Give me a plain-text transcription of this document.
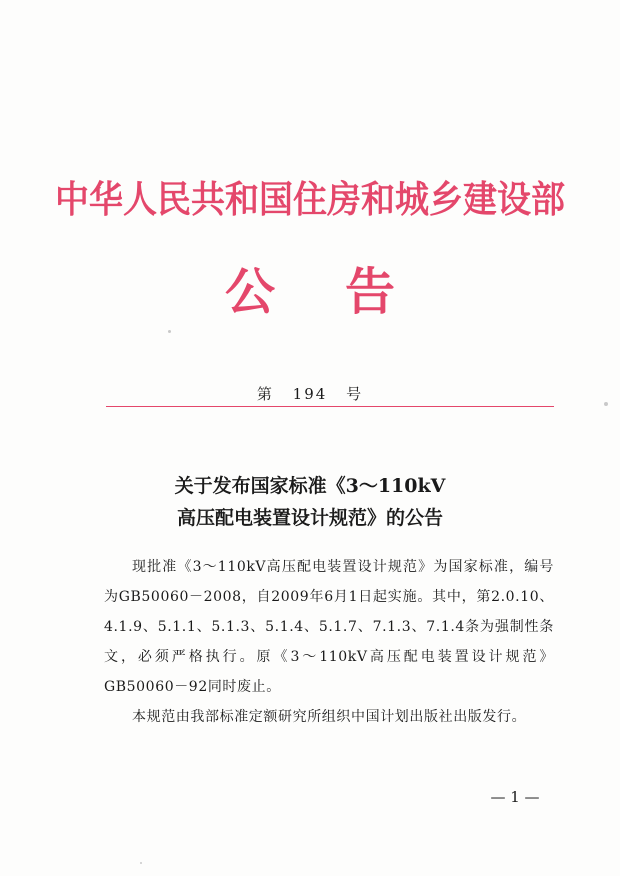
中华人民共和国住房和城乡建设部
公告
第 194 号
关于发布国家标准《3～110kV
高压配电装置设计规范》的公告

现批准《3～110kV高压配电装置设计规范》为国家标准，编号为GB50060－2008，自2009年6月1日起实施。其中，第2.0.10、4.1.9、5.1.1、5.1.3、5.1.4、5.1.7、7.1.3、7.1.4条为强制性条文，必须严格执行。原《3～110kV高压配电装置设计规范》GB50060－92同时废止。

本规范由我部标准定额研究所组织中国计划出版社出版发行。

— 1 —
